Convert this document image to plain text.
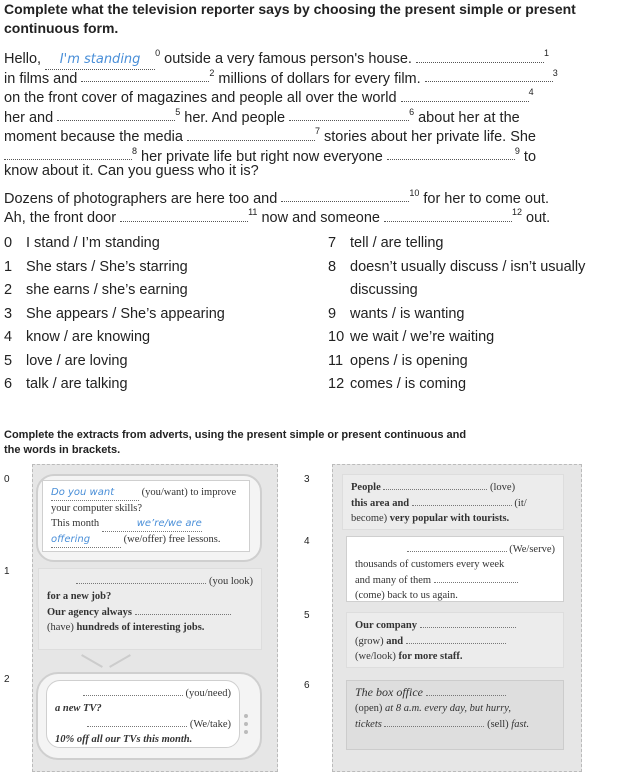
Complete what the television reporter says by choosing the present simple or present continuous form.
Hello, I'm standing $^0$ outside a very famous person's house.	$^1$
in films and	$^2$ millions of dollars for every film.	$^3$
on the front cover of magazines and people all over the world	$^4$
her and	$^5$ her. And people	$^6$ about her at the
moment because the media	$^7$ stories about her private life. She
$^8$ her private life but right now everyone	$^9$ to
know about it. Can you guess who it is?
Dozens of photographers are here too and	$^{10}$ for her to come out.
Ah, the front door	$^{11}$ now and someone	$^{12}$ out.
0 I stand / I’m standing
1 She stars / She’s starring
2 she earns / she’s earning
3 She appears / She’s appearing
4 know / are knowing
5 love / are loving
6 talk / are talking
7 tell / are telling
8 doesn’t usually discuss / isn’t usually discussing
9 wants / is wanting
10 we wait / we’re waiting
11 opens / is opening
12 comes / is coming
Complete the extracts from adverts, using the present simple or present continuous and the words in brackets.
0
1
2
3
4
5
6
Do you want	(you/want) to improve your computer skills?
This month	we’re/we are
offering	(we/offer) free lessons.
(you look)
for a new job?
Our agency always
(have) hundreds of interesting jobs.
(you/need)
a new TV?
(We/take)
10% off all our TVs this month.
People	(love)
this area and	(it/
become) very popular with tourists.
(We/serve)
thousands of customers every week
and many of them
(come) back to us again.
Our company
(grow) and
(we/look) for more staff.
The box office
(open) at 8 a.m. every day, but hurry,
tickets	(sell) fast.
